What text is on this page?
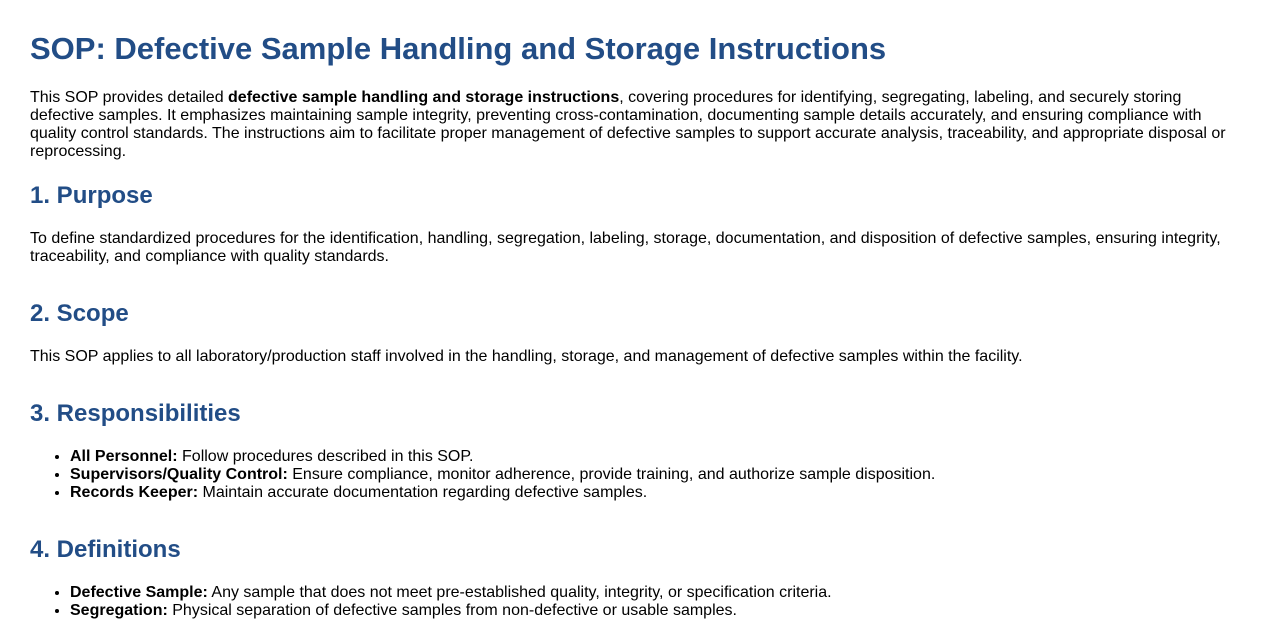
SOP: Defective Sample Handling and Storage Instructions

This SOP provides detailed defective sample handling and storage instructions, covering procedures for identifying, segregating, labeling, and securely storing defective samples. It emphasizes maintaining sample integrity, preventing cross-contamination, documenting sample details accurately, and ensuring compliance with quality control standards. The instructions aim to facilitate proper management of defective samples to support accurate analysis, traceability, and appropriate disposal or reprocessing.

1. Purpose

To define standardized procedures for the identification, handling, segregation, labeling, storage, documentation, and disposition of defective samples, ensuring integrity, traceability, and compliance with quality standards.

2. Scope

This SOP applies to all laboratory/production staff involved in the handling, storage, and management of defective samples within the facility.

3. Responsibilities
• All Personnel: Follow procedures described in this SOP.
• Supervisors/Quality Control: Ensure compliance, monitor adherence, provide training, and authorize sample disposition.
• Records Keeper: Maintain accurate documentation regarding defective samples.
4. Definitions
• Defective Sample: Any sample that does not meet pre-established quality, integrity, or specification criteria.
• Segregation: Physical separation of defective samples from non-defective or usable samples.
